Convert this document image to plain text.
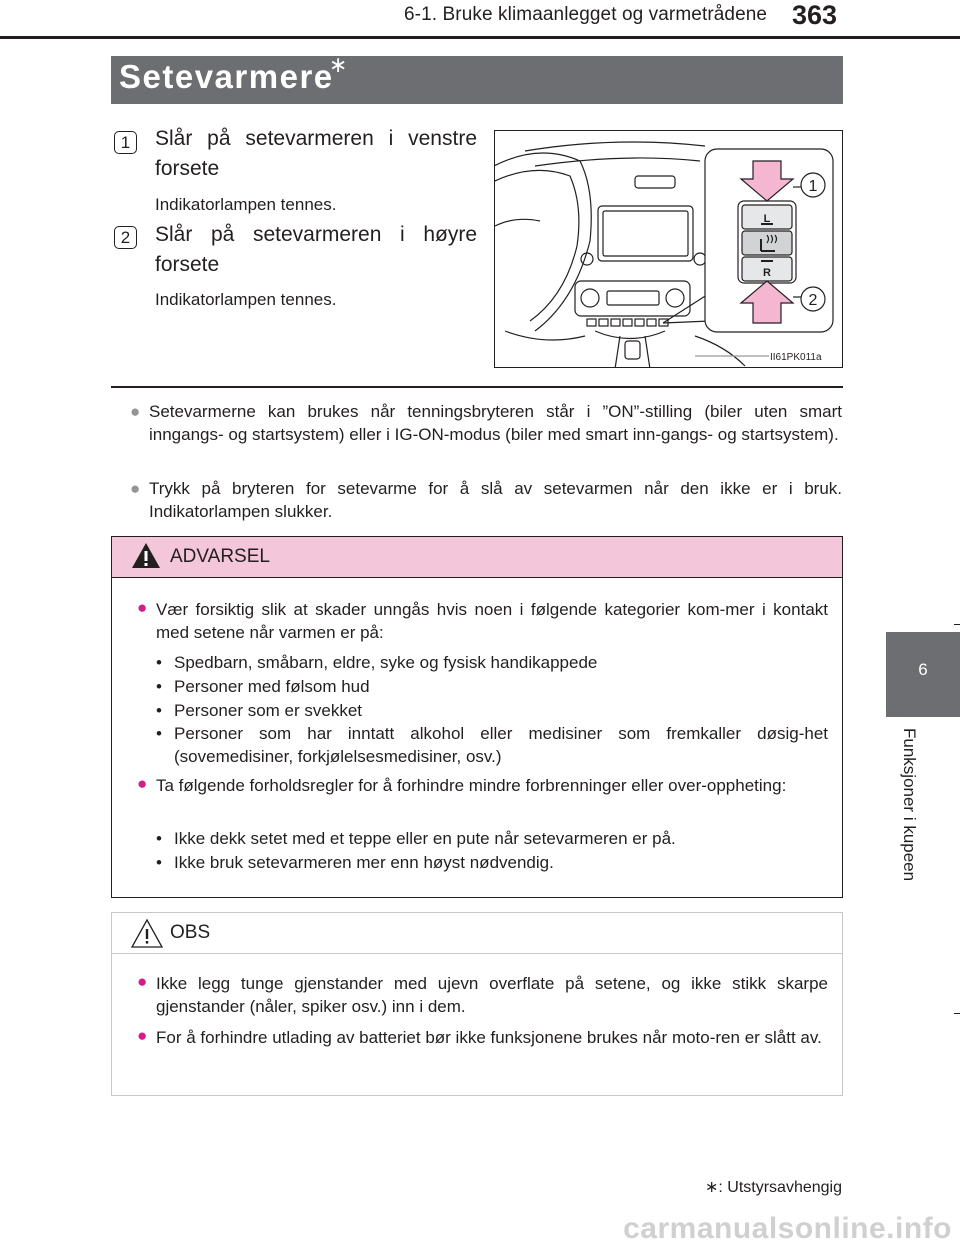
6-1. Bruke klimaanlegget og varmetrådene 363
6
Funksjoner i kupeen
Setevarmere
∗
1	Slår på setevarmeren i venstre
forsete
Indikatorlampen tennes.
2	Slår på setevarmeren i høyre
forsete
Indikatorlampen tennes.
L
R
1
2
II61PK011a
● Setevarmerne kan brukes når tenningsbryteren står i ”ON”-stilling (biler uten smart inngangs- og startsystem) eller i IG-ON-modus (biler med smart inn-gangs- og startsystem).
● Trykk på bryteren for setevarme for å slå av setevarmen når den ikke er i bruk. Indikatorlampen slukker.
ADVARSEL
● Vær forsiktig slik at skader unngås hvis noen i følgende kategorier kom-mer i kontakt med setene når varmen er på:
• Spedbarn, småbarn, eldre, syke og fysisk handikappede
• Personer med følsom hud
• Personer som er svekket
• Personer som har inntatt alkohol eller medisiner som fremkaller døsig-het (sovemedisiner, forkjølelsesmedisiner, osv.)
● Ta følgende forholdsregler for å forhindre mindre forbrenninger eller over-oppheting:
• Ikke dekk setet med et teppe eller en pute når setevarmeren er på.
• Ikke bruk setevarmeren mer enn høyst nødvendig.
OBS
● Ikke legg tunge gjenstander med ujevn overflate på setene, og ikke stikk skarpe gjenstander (nåler, spiker osv.) inn i dem.
● For å forhindre utlading av batteriet bør ikke funksjonene brukes når moto-ren er slått av.
∗: Utstyrsavhengig
carmanualsonline.info
